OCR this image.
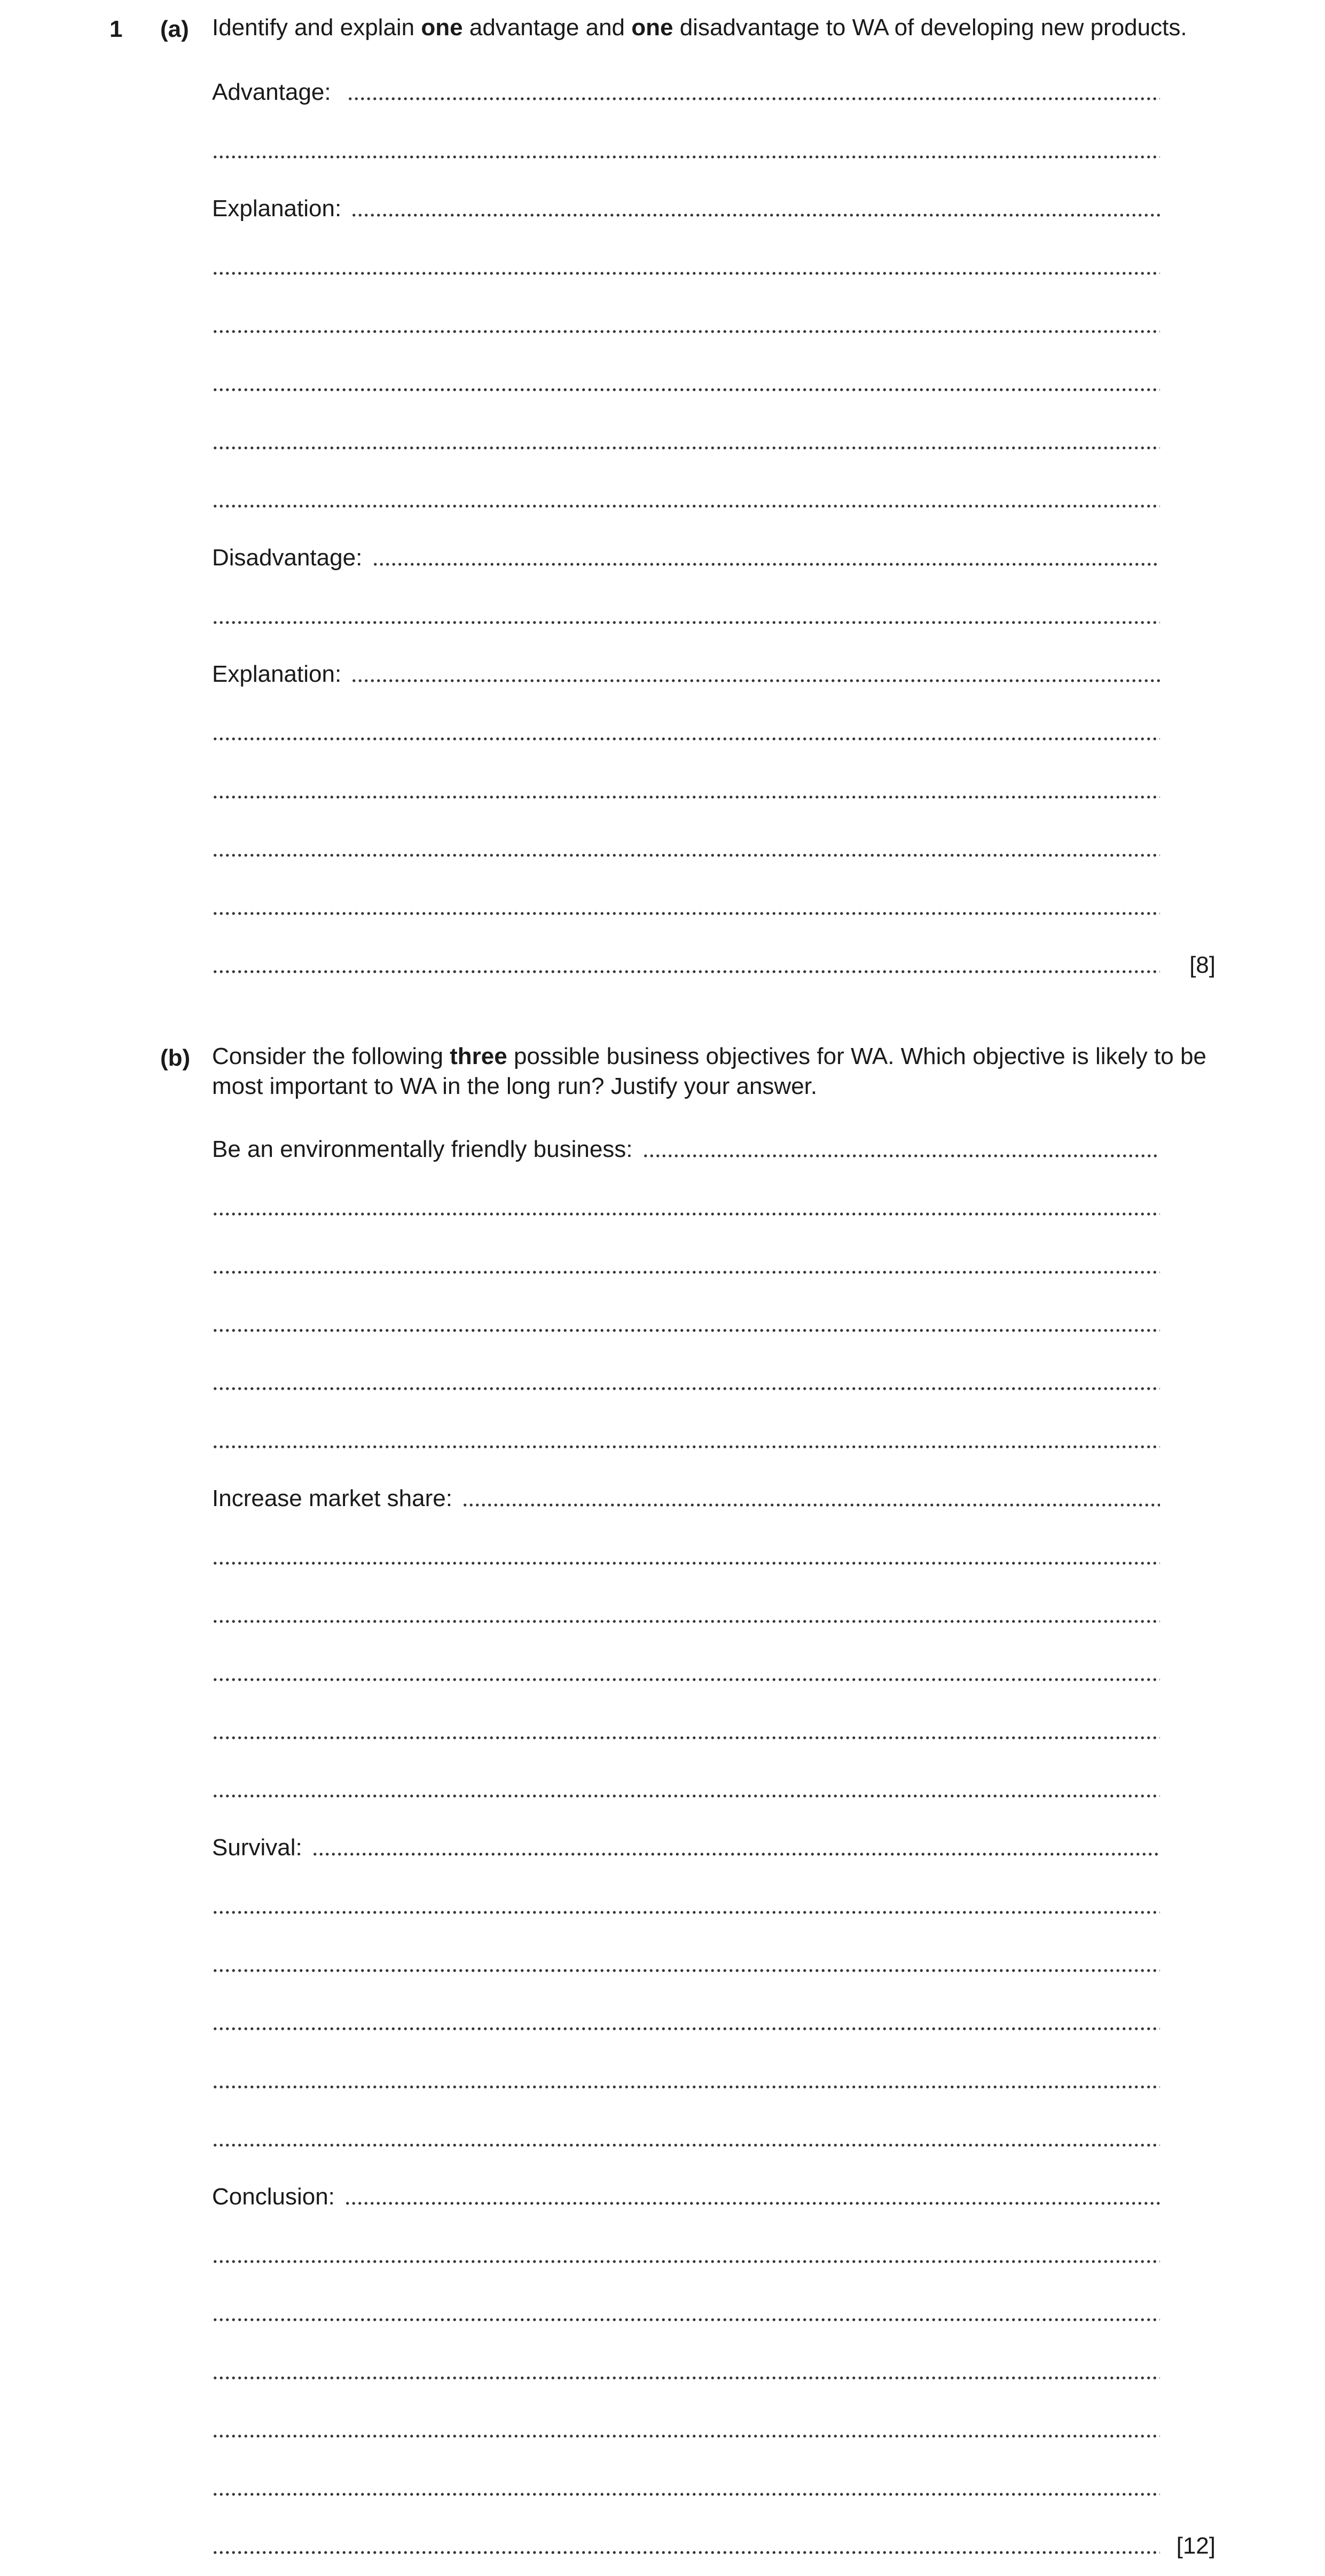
1 (a) Identify and explain one advantage and one disadvantage to WA of developing new products.
Advantage:
Explanation:
Disadvantage:
Explanation:
[8]
(b) Consider the following three possible business objectives for WA. Which objective is likely to be most important to WA in the long run? Justify your answer.
Be an environmentally friendly business:
Increase market share:
Survival:
Conclusion:
[12]
